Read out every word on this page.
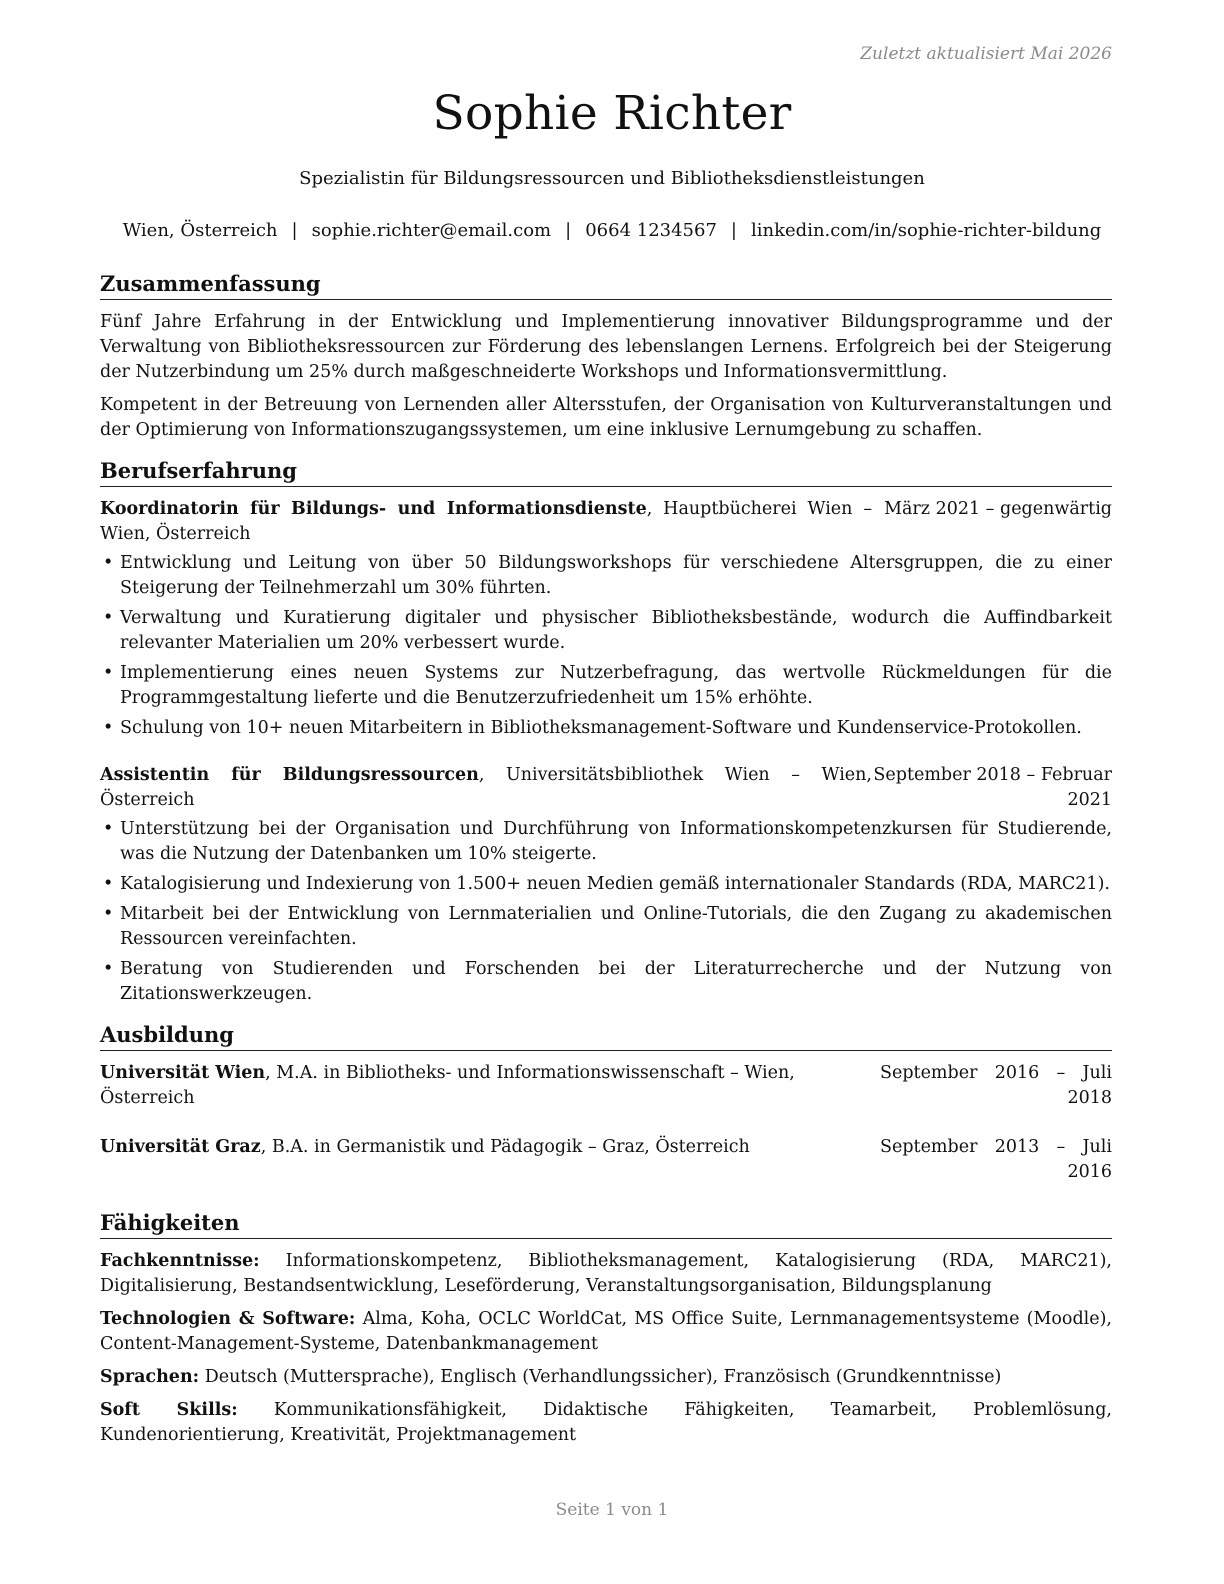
Zuletzt aktualisiert Mai 2026
Sophie Richter
Spezialistin für Bildungsressourcen und Bibliotheksdienstleistungen
Wien, Österreich | sophie.richter@email.com | 0664 1234567 | linkedin.com/in/sophie-richter-bildung
Zusammenfassung

Fünf Jahre Erfahrung in der Entwicklung und Implementierung innovativer Bildungsprogramme und der Verwaltung von Bibliotheksressourcen zur Förderung des lebenslangen Lernens. Erfolgreich bei der Steigerung der Nutzerbindung um 25% durch maßgeschneiderte Workshops und Informationsvermittlung.

Kompetent in der Betreuung von Lernenden aller Altersstufen, der Organisation von Kulturveranstaltungen und der Optimierung von Informationszugangssystemen, um eine inklusive Lernumgebung zu schaffen.

Berufserfahrung
März 2021 – gegenwärtig
Koordinatorin für Bildungs- und Informationsdienste, Hauptbücherei Wien – Wien, Österreich
• Entwicklung und Leitung von über 50 Bildungsworkshops für verschiedene Altersgruppen, die zu einer Steigerung der Teilnehmerzahl um 30% führten.
• Verwaltung und Kuratierung digitaler und physischer Bibliotheksbestände, wodurch die Auffindbarkeit relevanter Materialien um 20% verbessert wurde.
• Implementierung eines neuen Systems zur Nutzerbefragung, das wertvolle Rückmeldungen für die Programmgestaltung lieferte und die Benutzerzufriedenheit um 15% erhöhte.
• Schulung von 10+ neuen Mitarbeitern in Bibliotheksmanagement-Software und Kundenservice-Protokollen.
Assistentin für Bildungsressourcen, Universitätsbibliothek Wien – Wien, Österreich
September 2018 – Februar 2021
• Unterstützung bei der Organisation und Durchführung von Informationskompetenzkursen für Studierende, was die Nutzung der Datenbanken um 10% steigerte.
• Katalogisierung und Indexierung von 1.500+ neuen Medien gemäß internationaler Standards (RDA, MARC21).
• Mitarbeit bei der Entwicklung von Lernmaterialien und Online-Tutorials, die den Zugang zu akademischen Ressourcen vereinfachten.
• Beratung von Studierenden und Forschenden bei der Literaturrecherche und der Nutzung von Zitationswerkzeugen.
Ausbildung
Universität Wien, M.A. in Bibliotheks- und Informationswissenschaft – Wien, Österreich
September 2016 – Juli 2018
Universität Graz, B.A. in Germanistik und Pädagogik – Graz, Österreich	September 2013 – Juli 2016
Fähigkeiten
Fachkenntnisse: Informationskompetenz, Bibliotheksmanagement, Katalogisierung (RDA, MARC21), Digitalisierung, Bestandsentwicklung, Leseförderung, Veranstaltungsorganisation, Bildungsplanung
Technologien & Software: Alma, Koha, OCLC WorldCat, MS Office Suite, Lernmanagementsysteme (Moodle), Content-Management-Systeme, Datenbankmanagement
Sprachen: Deutsch (Muttersprache), Englisch (Verhandlungssicher), Französisch (Grundkenntnisse)
Soft Skills: Kommunikationsfähigkeit, Didaktische Fähigkeiten, Teamarbeit, Problemlösung, Kundenorientierung, Kreativität, Projektmanagement
Seite 1 von 1
